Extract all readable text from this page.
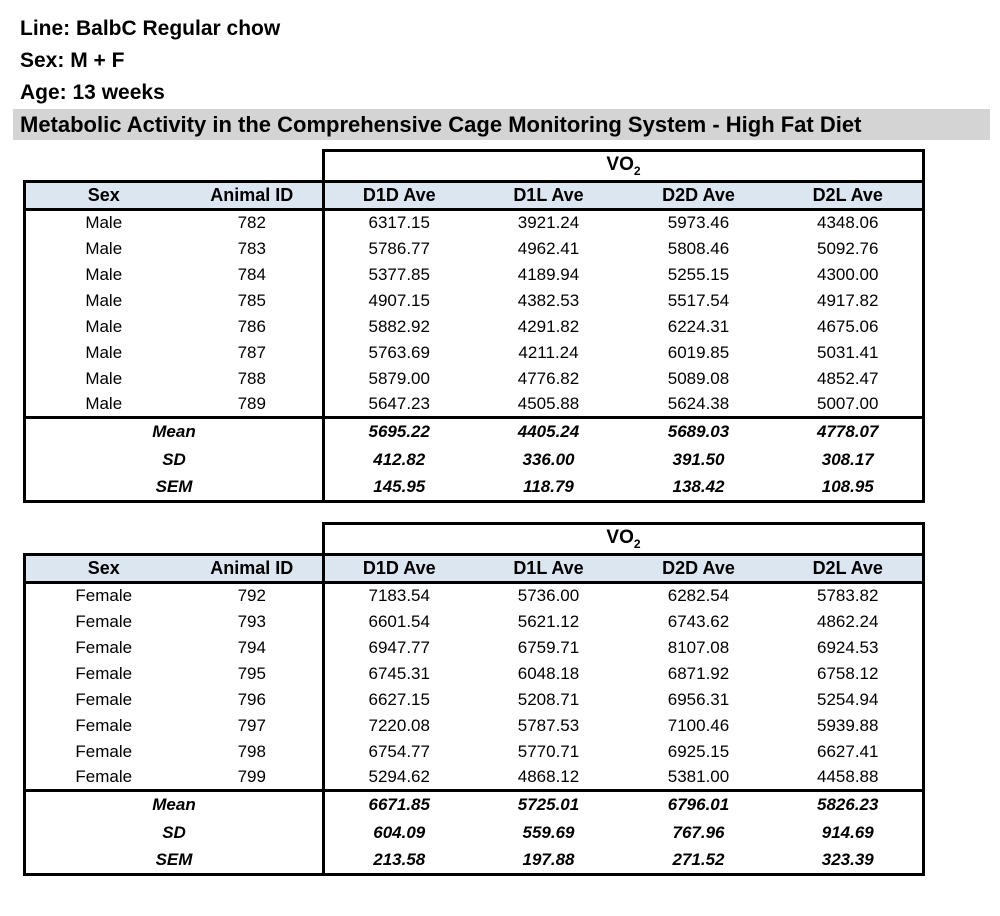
Line: BalbC Regular chow
Sex: M + F
Age: 13 weeks
Metabolic Activity in the Comprehensive Cage Monitoring System - High Fat Diet
		$VO_2$
Sex	Animal ID	D1D Ave	D1L Ave	D2D Ave	D2L Ave
Male	782	6317.15	3921.24	5973.46	4348.06
Male	783	5786.77	4962.41	5808.46	5092.76
Male	784	5377.85	4189.94	5255.15	4300.00
Male	785	4907.15	4382.53	5517.54	4917.82
Male	786	5882.92	4291.82	6224.31	4675.06
Male	787	5763.69	4211.24	6019.85	5031.41
Male	788	5879.00	4776.82	5089.08	4852.47
Male	789	5647.23	4505.88	5624.38	5007.00
Mean		5695.22	4405.24	5689.03	4778.07
SD		412.82	336.00	391.50	308.17
SEM		145.95	118.79	138.42	108.95
		$VO_2$
Sex	Animal ID	D1D Ave	D1L Ave	D2D Ave	D2L Ave
Female	792	7183.54	5736.00	6282.54	5783.82
Female	793	6601.54	5621.12	6743.62	4862.24
Female	794	6947.77	6759.71	8107.08	6924.53
Female	795	6745.31	6048.18	6871.92	6758.12
Female	796	6627.15	5208.71	6956.31	5254.94
Female	797	7220.08	5787.53	7100.46	5939.88
Female	798	6754.77	5770.71	6925.15	6627.41
Female	799	5294.62	4868.12	5381.00	4458.88
Mean		6671.85	5725.01	6796.01	5826.23
SD		604.09	559.69	767.96	914.69
SEM		213.58	197.88	271.52	323.39
